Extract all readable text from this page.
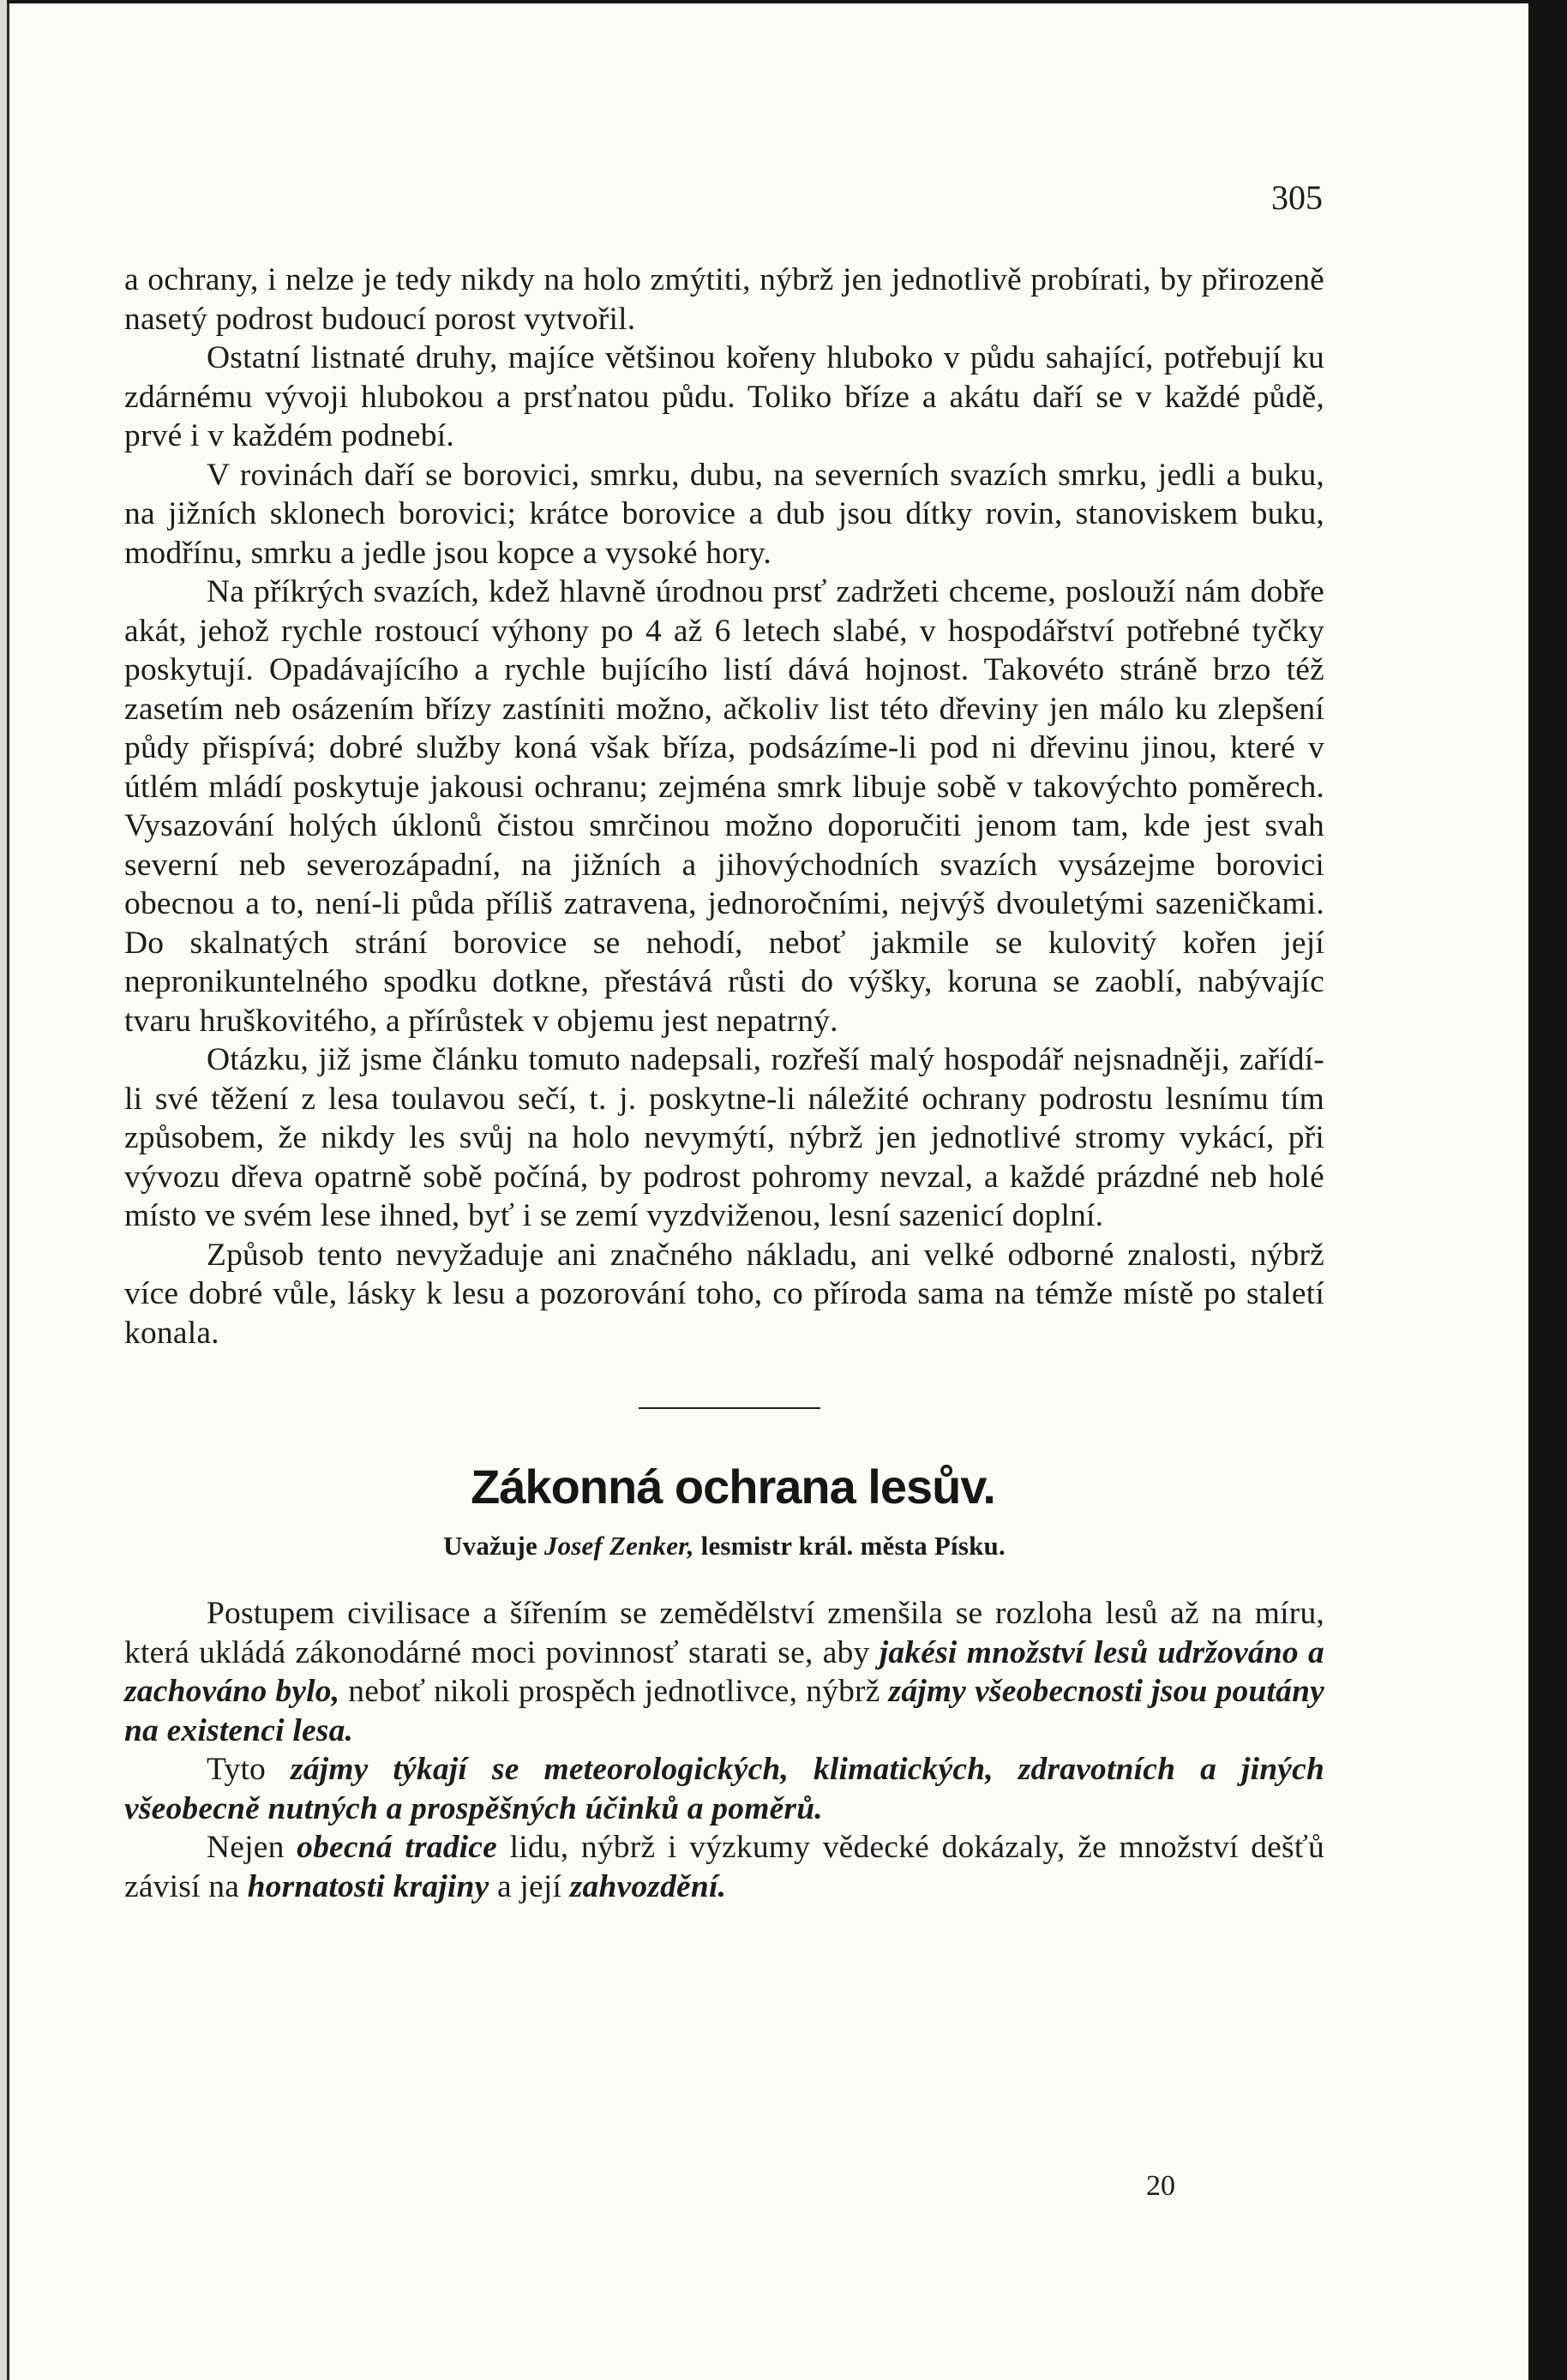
305

a ochrany, i nelze je tedy nikdy na holo zmýtiti, nýbrž jen jednotlivě probírati, by přirozeně nasetý podrost budoucí porost vytvořil.

Ostatní listnaté druhy, majíce většinou kořeny hluboko v půdu sahající, potřebují ku zdárnému vývoji hlubokou a prsťnatou půdu. Toliko bříze a akátu daří se v každé půdě, prvé i v každém podnebí.

V rovinách daří se borovici, smrku, dubu, na severních svazích smrku, jedli a buku, na jižních sklonech borovici; krátce borovice a dub jsou dítky rovin, stanoviskem buku, modřínu, smrku a jedle jsou kopce a vysoké hory.

Na příkrých svazích, kdež hlavně úrodnou prsť zadržeti chceme, poslouží nám dobře akát, jehož rychle rostoucí výhony po 4 až 6 letech slabé, v hospodářství potřebné tyčky poskytují. Opadávajícího a rychle bujícího listí dává hojnost. Takovéto stráně brzo též zasetím neb osázením břízy zastíniti možno, ačkoliv list této dřeviny jen málo ku zlepšení půdy přispívá; dobré služby koná však bříza, podsázíme-li pod ni dřevinu jinou, které v útlém mládí poskytuje jakousi ochranu; zejména smrk libuje sobě v takovýchto poměrech. Vysazování holých úklonů čistou smrčinou možno doporučiti jenom tam, kde jest svah severní neb severozápadní, na jižních a jihovýchodních svazích vysázejme borovici obecnou a to, není-li půda příliš zatravena, jednoročními, nejvýš dvouletými sazeničkami. Do skalnatých strání borovice se nehodí, neboť jakmile se kulovitý kořen její nepronikuntelného spodku dotkne, přestává růsti do výšky, koruna se zaoblí, nabývajíc tvaru hruškovitého, a přírůstek v objemu jest nepatrný.

Otázku, již jsme článku tomuto nadepsali, rozřeší malý hospodář nejsnadněji, zařídí-li své těžení z lesa toulavou sečí, t. j. poskytne-li náležité ochrany podrostu lesnímu tím způsobem, že nikdy les svůj na holo nevymýtí, nýbrž jen jednotlivé stromy vykácí, při vývozu dřeva opatrně sobě počíná, by podrost pohromy nevzal, a každé prázdné neb holé místo ve svém lese ihned, byť i se zemí vyzdviženou, lesní sazenicí doplní.

Způsob tento nevyžaduje ani značného nákladu, ani velké odborné znalosti, nýbrž více dobré vůle, lásky k lesu a pozorování toho, co příroda sama na témže místě po staletí konala.

Zákonná ochrana lesův.
Uvažuje Josef Zenker, lesmistr král. města Písku.

Postupem civilisace a šířením se zemědělství zmenšila se rozloha lesů až na míru, která ukládá zákonodárné moci povinnosť starati se, aby jakési množství lesů udržováno a zachováno bylo, neboť nikoli prospěch jednotlivce, nýbrž zájmy všeobecnosti jsou poutány na existenci lesa.

Tyto zájmy týkají se meteorologických, klimatických, zdravotních a jiných všeobecně nutných a prospěšných účinků a poměrů.

Nejen obecná tradice lidu, nýbrž i výzkumy vědecké dokázaly, že množství dešťů závisí na hornatosti krajiny a její zahvozdění.

20
